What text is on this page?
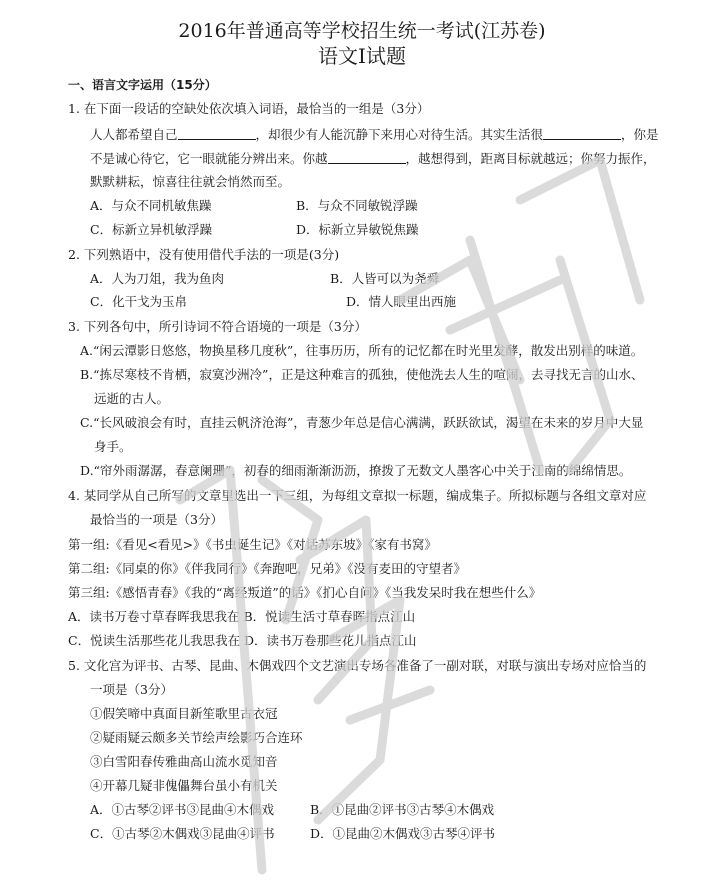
2016年普通高等学校招生统一考试(江苏卷)
语文Ⅰ试题
一、语言文字运用（15分）
1. 在下面一段话的空缺处依次填入词语，最恰当的一组是（3分）
人人都希望自己	，却很少有人能沉静下来用心对待生活。其实生活很	，你是
不是诚心待它，它一眼就能分辨出来。你越	，越想得到，距离目标就越远；你努力振作，
默默耕耘，惊喜往往就会悄然而至。
A．与众不同机敏焦躁	B．与众不同敏锐浮躁
C．标新立异机敏浮躁	D．标新立异敏锐焦躁
2. 下列熟语中，没有使用借代手法的一项是(3分)
A．人为刀俎，我为鱼肉	B．人皆可以为尧舜
C．化干戈为玉帛	D．情人眼里出西施
3. 下列各句中，所引诗词不符合语境的一项是（3分）
A.“闲云潭影日悠悠，物换星移几度秋”，往事历历，所有的记忆都在时光里发酵，散发出别样的味道。
B.“拣尽寒枝不肯栖，寂寞沙洲冷”，正是这种难言的孤独，使他洗去人生的喧闹，去寻找无言的山水、
远逝的古人。
C.“长风破浪会有时，直挂云帆济沧海”，青葱少年总是信心满满，跃跃欲试，渴望在未来的岁月中大显
身手。
D.“帘外雨潺潺，春意阑珊”，初春的细雨渐渐沥沥，撩拨了无数文人墨客心中关于江南的绵绵情思。
4. 某同学从自己所写的文章里选出一下三组，为每组文章拟一标题，编成集子。所拟标题与各组文章对应
最恰当的一项是（3分）
第一组:《看见<看见>》《书虫诞生记》《对话苏东坡》《家有书窝》
第二组:《同桌的你》《伴我同行》《奔跑吧，兄弟》《没有麦田的守望者》
第三组:《感悟青春》《我的“离经叛道”的话》《扪心自问》《当我发呆时我在想些什么》
A．读书万卷寸草春晖我思我在 B．悦读生活寸草春晖指点江山
C．悦读生活那些花儿我思我在 D．读书万卷那些花儿指点江山
5. 文化宫为评书、古琴、昆曲、木偶戏四个文艺演出专场各准备了一副对联，对联与演出专场对应恰当的
一项是（3分）
①假笑啼中真面目新笙歌里古衣冠
②疑雨疑云颇多关节绘声绘影巧合连环
③白雪阳春传雅曲高山流水觅知音
④开幕几疑非傀儡舞台虽小有机关
A．①古琴②评书③昆曲④木偶戏	B．①昆曲②评书③古琴④木偶戏
C．①古琴②木偶戏③昆曲④评书	D．①昆曲②木偶戏③古琴④评书
